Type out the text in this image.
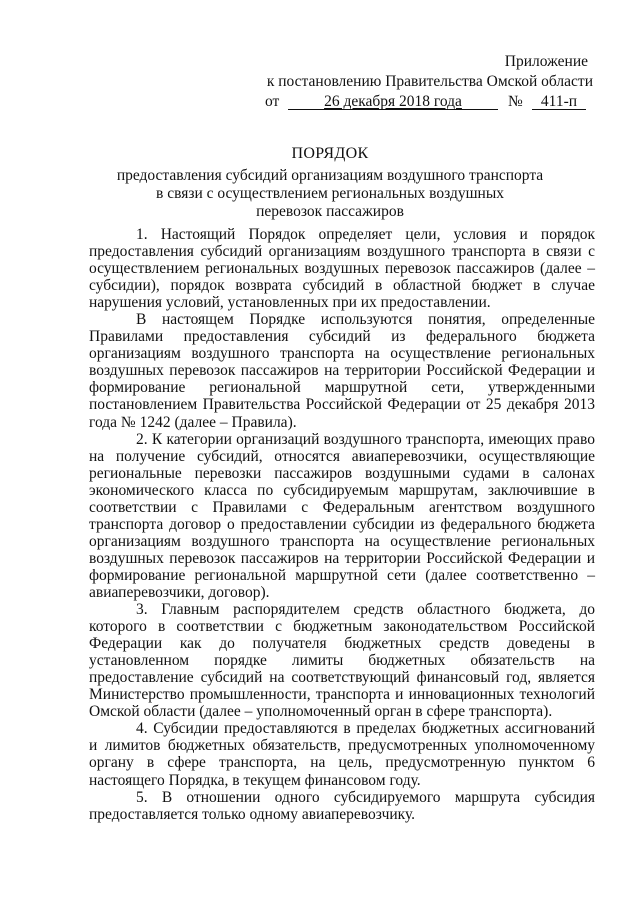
Приложение
к постановлению Правительства Омской области
от	26 декабря 2018 года	№	411-п
ПОРЯДОК
предоставления субсидий организациям воздушного транспорта
в связи с осуществлением региональных воздушных
перевозок пассажиров

1. Настоящий Порядок определяет цели, условия и порядок предоставления субсидий организациям воздушного транспорта в связи с осуществлением региональных воздушных перевозок пассажиров (далее – субсидии), порядок возврата субсидий в областной бюджет в случае нарушения условий, установленных при их предоставлении.

В настоящем Порядке используются понятия, определенные Правилами предоставления субсидий из федерального бюджета организациям воздушного транспорта на осуществление региональных воздушных перевозок пассажиров на территории Российской Федерации и формирование региональной маршрутной сети, утвержденными постановлением Правительства Российской Федерации от 25 декабря 2013 года № 1242 (далее – Правила).

2. К категории организаций воздушного транспорта, имеющих право на получение субсидий, относятся авиаперевозчики, осуществляющие региональные перевозки пассажиров воздушными судами в салонах экономического класса по субсидируемым маршрутам, заключившие в соответствии с Правилами с Федеральным агентством воздушного транспорта договор о предоставлении субсидии из федерального бюджета организациям воздушного транспорта на осуществление региональных воздушных перевозок пассажиров на территории Российской Федерации и формирование региональной маршрутной сети (далее соответственно – авиаперевозчики, договор).

3. Главным распорядителем средств областного бюджета, до которого в соответствии с бюджетным законодательством Российской Федерации как до получателя бюджетных средств доведены в установленном порядке лимиты бюджетных обязательств на предоставление субсидий на соответствующий финансовый год, является Министерство промышленности, транспорта и инновационных технологий Омской области (далее – уполномоченный орган в сфере транспорта).

4. Субсидии предоставляются в пределах бюджетных ассигнований и лимитов бюджетных обязательств, предусмотренных уполномоченному органу в сфере транспорта, на цель, предусмотренную пунктом 6 настоящего Порядка, в текущем финансовом году.

5. В отношении одного субсидируемого маршрута субсидия предоставляется только одному авиаперевозчику.
